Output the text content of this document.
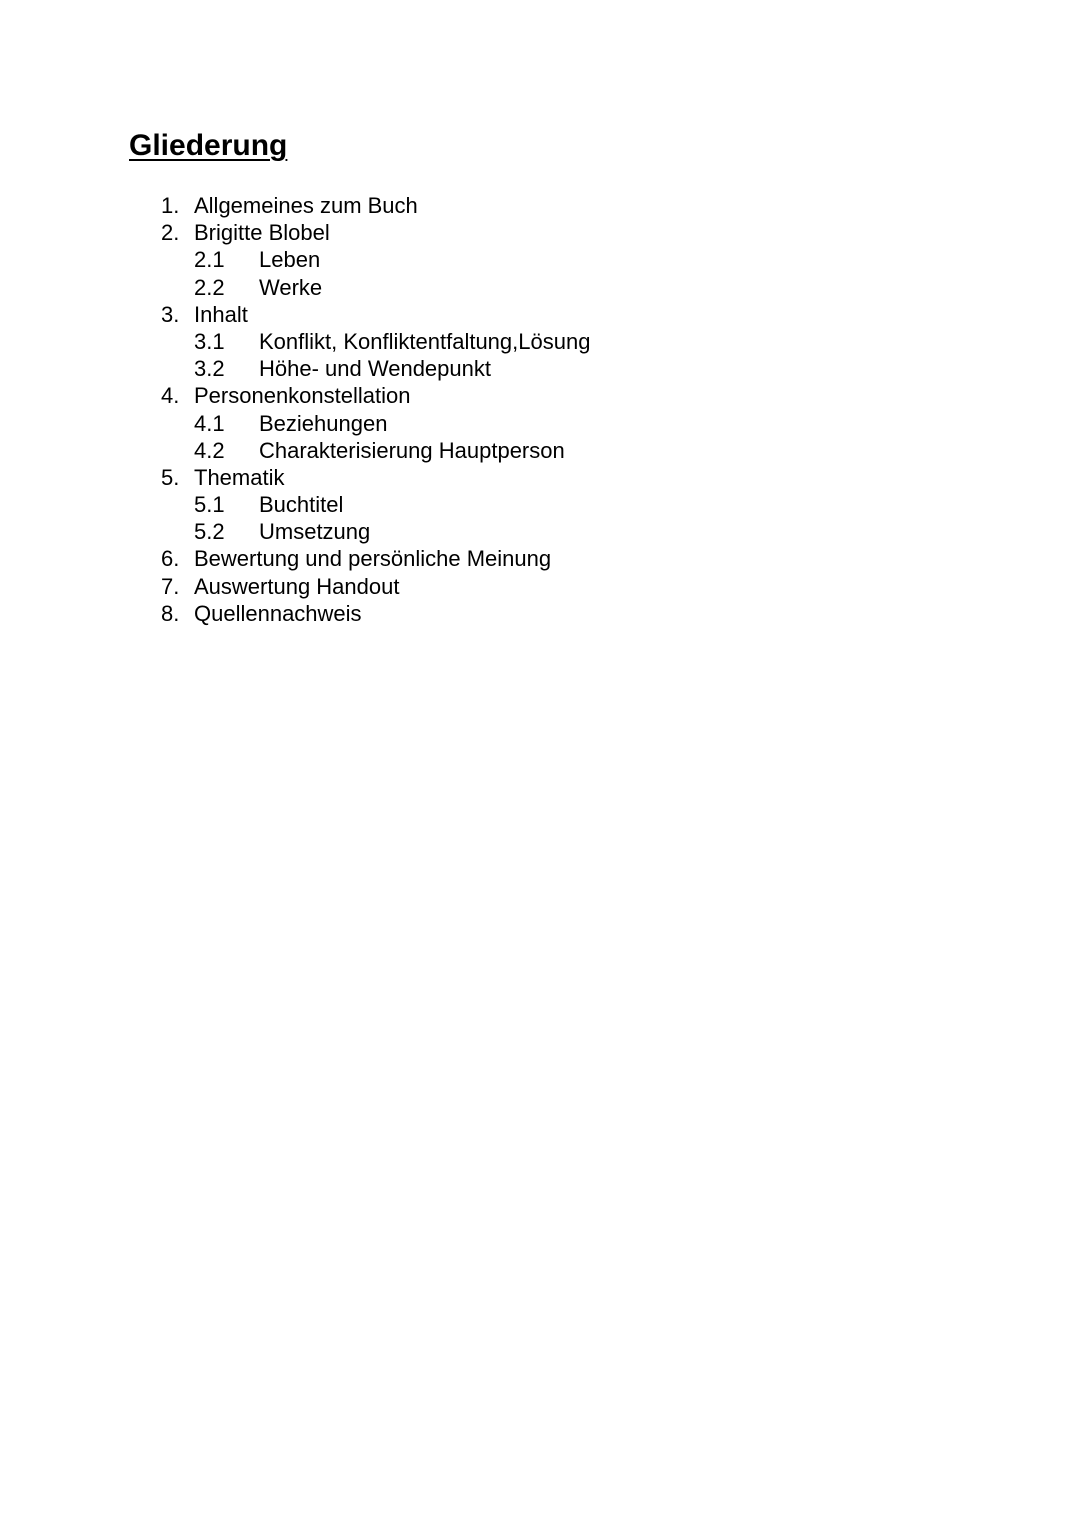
Gliederung
1. Allgemeines zum Buch
2. Brigitte Blobel
2.1 Leben
2.2 Werke
3. Inhalt
3.1 Konflikt, Konfliktentfaltung,Lösung
3.2 Höhe- und Wendepunkt
4. Personenkonstellation
4.1 Beziehungen
4.2 Charakterisierung Hauptperson
5. Thematik
5.1 Buchtitel
5.2 Umsetzung
6. Bewertung und persönliche Meinung
7. Auswertung Handout
8. Quellennachweis
